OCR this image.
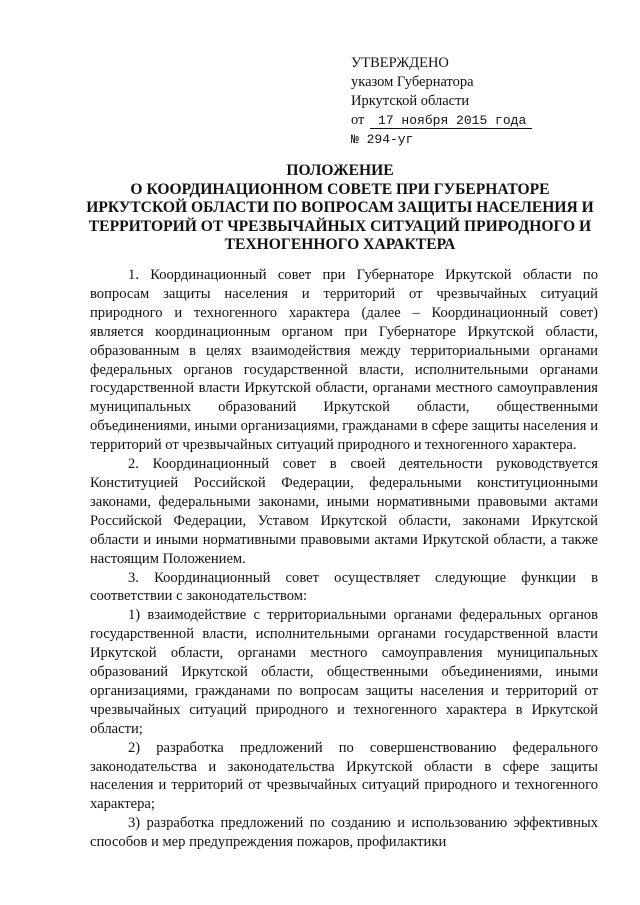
УТВЕРЖДЕНО
указом Губернатора
Иркутской области
от 17 ноября 2015 года
№ 294-уг
ПОЛОЖЕНИЕ
О КООРДИНАЦИОННОМ СОВЕТЕ ПРИ ГУБЕРНАТОРЕ
ИРКУТСКОЙ ОБЛАСТИ ПО ВОПРОСАМ ЗАЩИТЫ НАСЕЛЕНИЯ И
ТЕРРИТОРИЙ ОТ ЧРЕЗВЫЧАЙНЫХ СИТУАЦИЙ ПРИРОДНОГО И
ТЕХНОГЕННОГО ХАРАКТЕРА

1. Координационный совет при Губернаторе Иркутской области по вопросам защиты населения и территорий от чрезвычайных ситуаций природного и техногенного характера (далее – Координационный совет) является координационным органом при Губернаторе Иркутской области, образованным в целях взаимодействия между территориальными органами федеральных органов государственной власти, исполнительными органами государственной власти Иркутской области, органами местного самоуправления муниципальных образований Иркутской области, общественными объединениями, иными организациями, гражданами в сфере защиты населения и территорий от чрезвычайных ситуаций природного и техногенного характера.

2. Координационный совет в своей деятельности руководствуется Конституцией Российской Федерации, федеральными конституционными законами, федеральными законами, иными нормативными правовыми актами Российской Федерации, Уставом Иркутской области, законами Иркутской области и иными нормативными правовыми актами Иркутской области, а также настоящим Положением.

3. Координационный совет осуществляет следующие функции в соответствии с законодательством:

1) взаимодействие с территориальными органами федеральных органов государственной власти, исполнительными органами государственной власти Иркутской области, органами местного самоуправления муниципальных образований Иркутской области, общественными объединениями, иными организациями, гражданами по вопросам защиты населения и территорий от чрезвычайных ситуаций природного и техногенного характера в Иркутской области;

2) разработка предложений по совершенствованию федерального законодательства и законодательства Иркутской области в сфере защиты населения и территорий от чрезвычайных ситуаций природного и техногенного характера;

3) разработка предложений по созданию и использованию эффективных способов и мер предупреждения пожаров, профилактики
